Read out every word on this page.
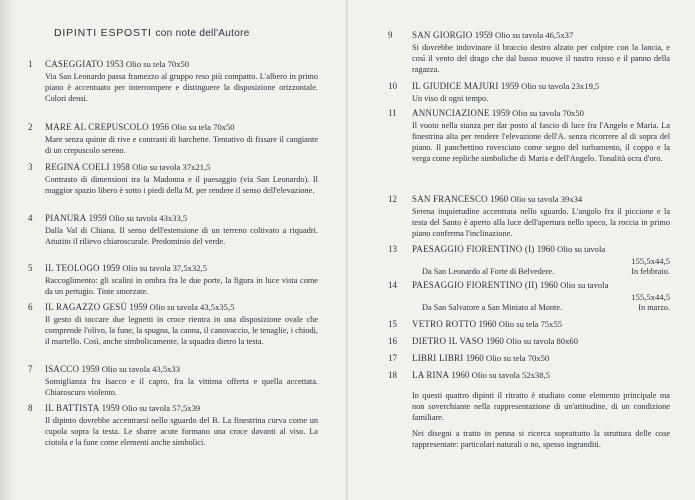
DIPINTI ESPOSTI con note dell'Autore
1	CASEGGIATO 1953 Olio su tela 70x50
Via San Leonardo passa framezzo al gruppo reso più compatto. L'albero in primo piano è accentuato per interrompere e distinguere la disposizione orizzontale. Colori densi.
2	MARE AL CREPUSCOLO 1956 Olio su tela 70x50
Mare senza quinte di rive e contrasti di barchette. Tentativo di fissare il cangiante di un crepuscolo sereno.
3	REGINA COELI 1958 Olio su tavola 37x21,5
Contrasto di dimensioni tra la Madonna e il paesaggio (via San Leonardo). Il maggior spazio libero è sotto i piedi della M. per rendere il senso dell'elevazione.
4	PIANURA 1959 Olio su tavola 43x33,5
Dalla Val di Chiana. Il senso dell'estensione di un terreno coltivato a riquadri. Attutito il rilievo chiaroscurale. Predominio del verde.
5	IL TEOLOGO 1959 Olio su tavola 37,5x32,5
Raccoglimento: gli scalini in ombra fra le due porte, la figura in luce vista come da un pertugio. Tinte smorzate.
6	IL RAGAZZO GESÙ 1959 Olio su tavola 43,5x35,5
Il gesto di toccare due legnetti in croce rientra in una disposizione ovale che comprende l'olivo, la fune, la spugna, la canna, il canovaccio, le tenaglie, i chiodi, il martello. Così, anche simbolicamente, la squadra dietro la testa.
7	ISACCO 1959 Olio su tavola 43,5x33
Somiglianza fra Isacco e il capro, fra la vittima offerta e quella accettata. Chiaroscuro violento.
8	IL BATTISTA 1959 Olio su tavola 57,5x39
Il dipinto dovrebbe accentrarsi nello sguardo del B. La finestrina curva come un cupola sopra la testa. Le sbarre acute formano una croce davanti al viso. La ciotola e la fune come elementi anche simbolici.
9	SAN GIORGIO 1959 Olio su tavola 46,5x37
Si dovrebbe indovinare il braccio destro alzato per colpire con la lancia, e così il vento del drago che dal basso muove il nastro rosso e il panno della ragazza.
10	IL GIUDICE MAJURI 1959 Olio su tavola 23x19,5
Un viso di ogni tempo.
11	ANNUNCIAZIONE 1959 Olio su tavola 70x50
Il vuoto nella stanza per dar posto al fascio di luce fra l'Angelo e Maria. La finestrina alta per rendere l'elevazione dell'A. senza ricorrere al di sopra del piano. Il panchettino rovesciato come segno del turbamento, il coppo e la verga come repliche simboliche di Maria e dell'Angelo. Tonalità ocra d'oro.
12	SAN FRANCESCO 1960 Olio su tavola 39x34
Serena inquietudine accentrata nello sguardo. L'angolo fra il piccione e la testa del Santo è aperto alla luce dell'apertura nello speco, la roccia in primo piano conferma l'inclinazione.
13	PAESAGGIO FIORENTINO (I) 1960 Olio su tavola
155,5x44,5
Da San Leonardo al Forte di Belvedere.	In febbraio.
14	PAESAGGIO FIORENTINO (II) 1960 Olio su tavola
155,5x44,5
Da San Salvatore a San Miniato al Monte.	In marzo.
15	VETRO ROTTO 1960 Olio su tela 75x55
16	DIETRO IL VASO 1960 Olio su tavola 80x60
17	LIBRI LIBRI 1960 Olio su tela 70x50
18	LA RINA 1960 Olio su tavola 52x38,5
In questi quattro dipinti il ritratto è studiato come elemento principale ma non soverchiante nella rappresentazione di un'attitudine, di un condizione familiare.
Nei disegni a tratto in penna si ricerca soprattutto la struttura delle cose rappresentate: particolari naturali o no, spesso ingranditi.
